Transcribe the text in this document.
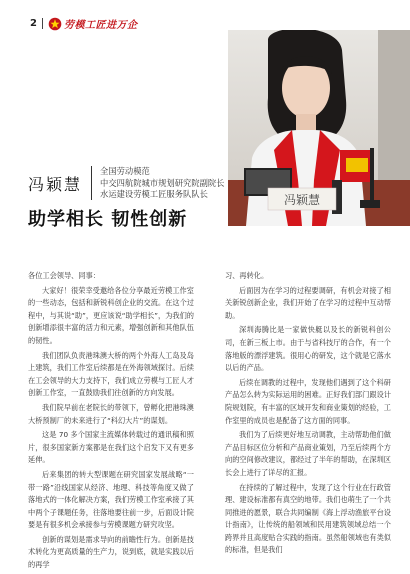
2	劳模工匠进万企
冯颖慧
冯颖慧
全国劳动模范
中交四航院城市规划研究院副院长
水运建设劳模工匠服务队队长
助学相长 韧性创新

各位工会领导、同事：

大家好！很荣幸受邀给各位分享最近劳模工作室的一些动态，包括和新锐科创企业的交流。在这个过程中，与其说“助”，更应该说“助学相长”，为我们的创新增添很丰富的活力和元素，增强创新和其他队伍的韧性。

我们团队负责港珠澳大桥的两个外海人工岛及岛上建筑，我们工作室后续都是在外海领域探讨。后续在工会领导的大力支持下，我们成立劳模与工匠人才创新工作室，一直鼓励我们往创新的方向发展。

我们院早前在老院长的带领下，曾孵化把港珠澳大桥预制厂的未来进行了“科幻大片”的谋划。

这是 70 多个国家主流媒体转载过的通讯稿和照片，很多国家新方案都是在我们这个启发下又有更多延伸。

后来集团的转大型课题在研究国家发展战略“一带一路”沿线国家从经济、地理、科技等角度又做了落地式的一体化解决方案，我们劳模工作室承接了其中两个子课题任务，往落地要往前一步，后面设计院要是有很多机会承接参与劳模课题方研究攻坚。

创新的谋划是需求导向的前瞻性行为。创新是技术转化为更高质量的生产力，说到底，就是实践以后的再学

习、再转化。

后面因为在学习的过程要调研，有机会对接了相关新锐创新企业，我们开始了在学习的过程中互动帮助。

深圳海腾比是一家做快艇以及长的新锐科创公司，在新三板上市。由于与省科技厅的合作，有一个落地版的漂浮建筑。很用心的研发，这个就是它落水以后的产品。

后续在调教的过程中，发现他们遇到了这个科研产品怎么转为实际运用的困难。正好我们部门跟设计院规划院，有丰富的区域开发和商业策划的经验，工作室里的成员也是配备了这方面的同事。

我们为了后续更好地互动调教，主动帮助他们做产品目标区位分析和产品商业策划，乃至后续两个方向的空间修改建议，都经过了半年的帮助，在深圳区长会上进行了详尽的汇报。

在持续的了解过程中，发现了这个行业在行政管理、建设标准都有真空的地带。我们也萌生了一个共同推进的愿景，联合共同编制《海上浮动渔旅平台设计指南》，让传统的船领域和民用建筑领域总结一个跨界并且高度贴合实践的指南。虽然船领域也有类似的标准，但是我们
